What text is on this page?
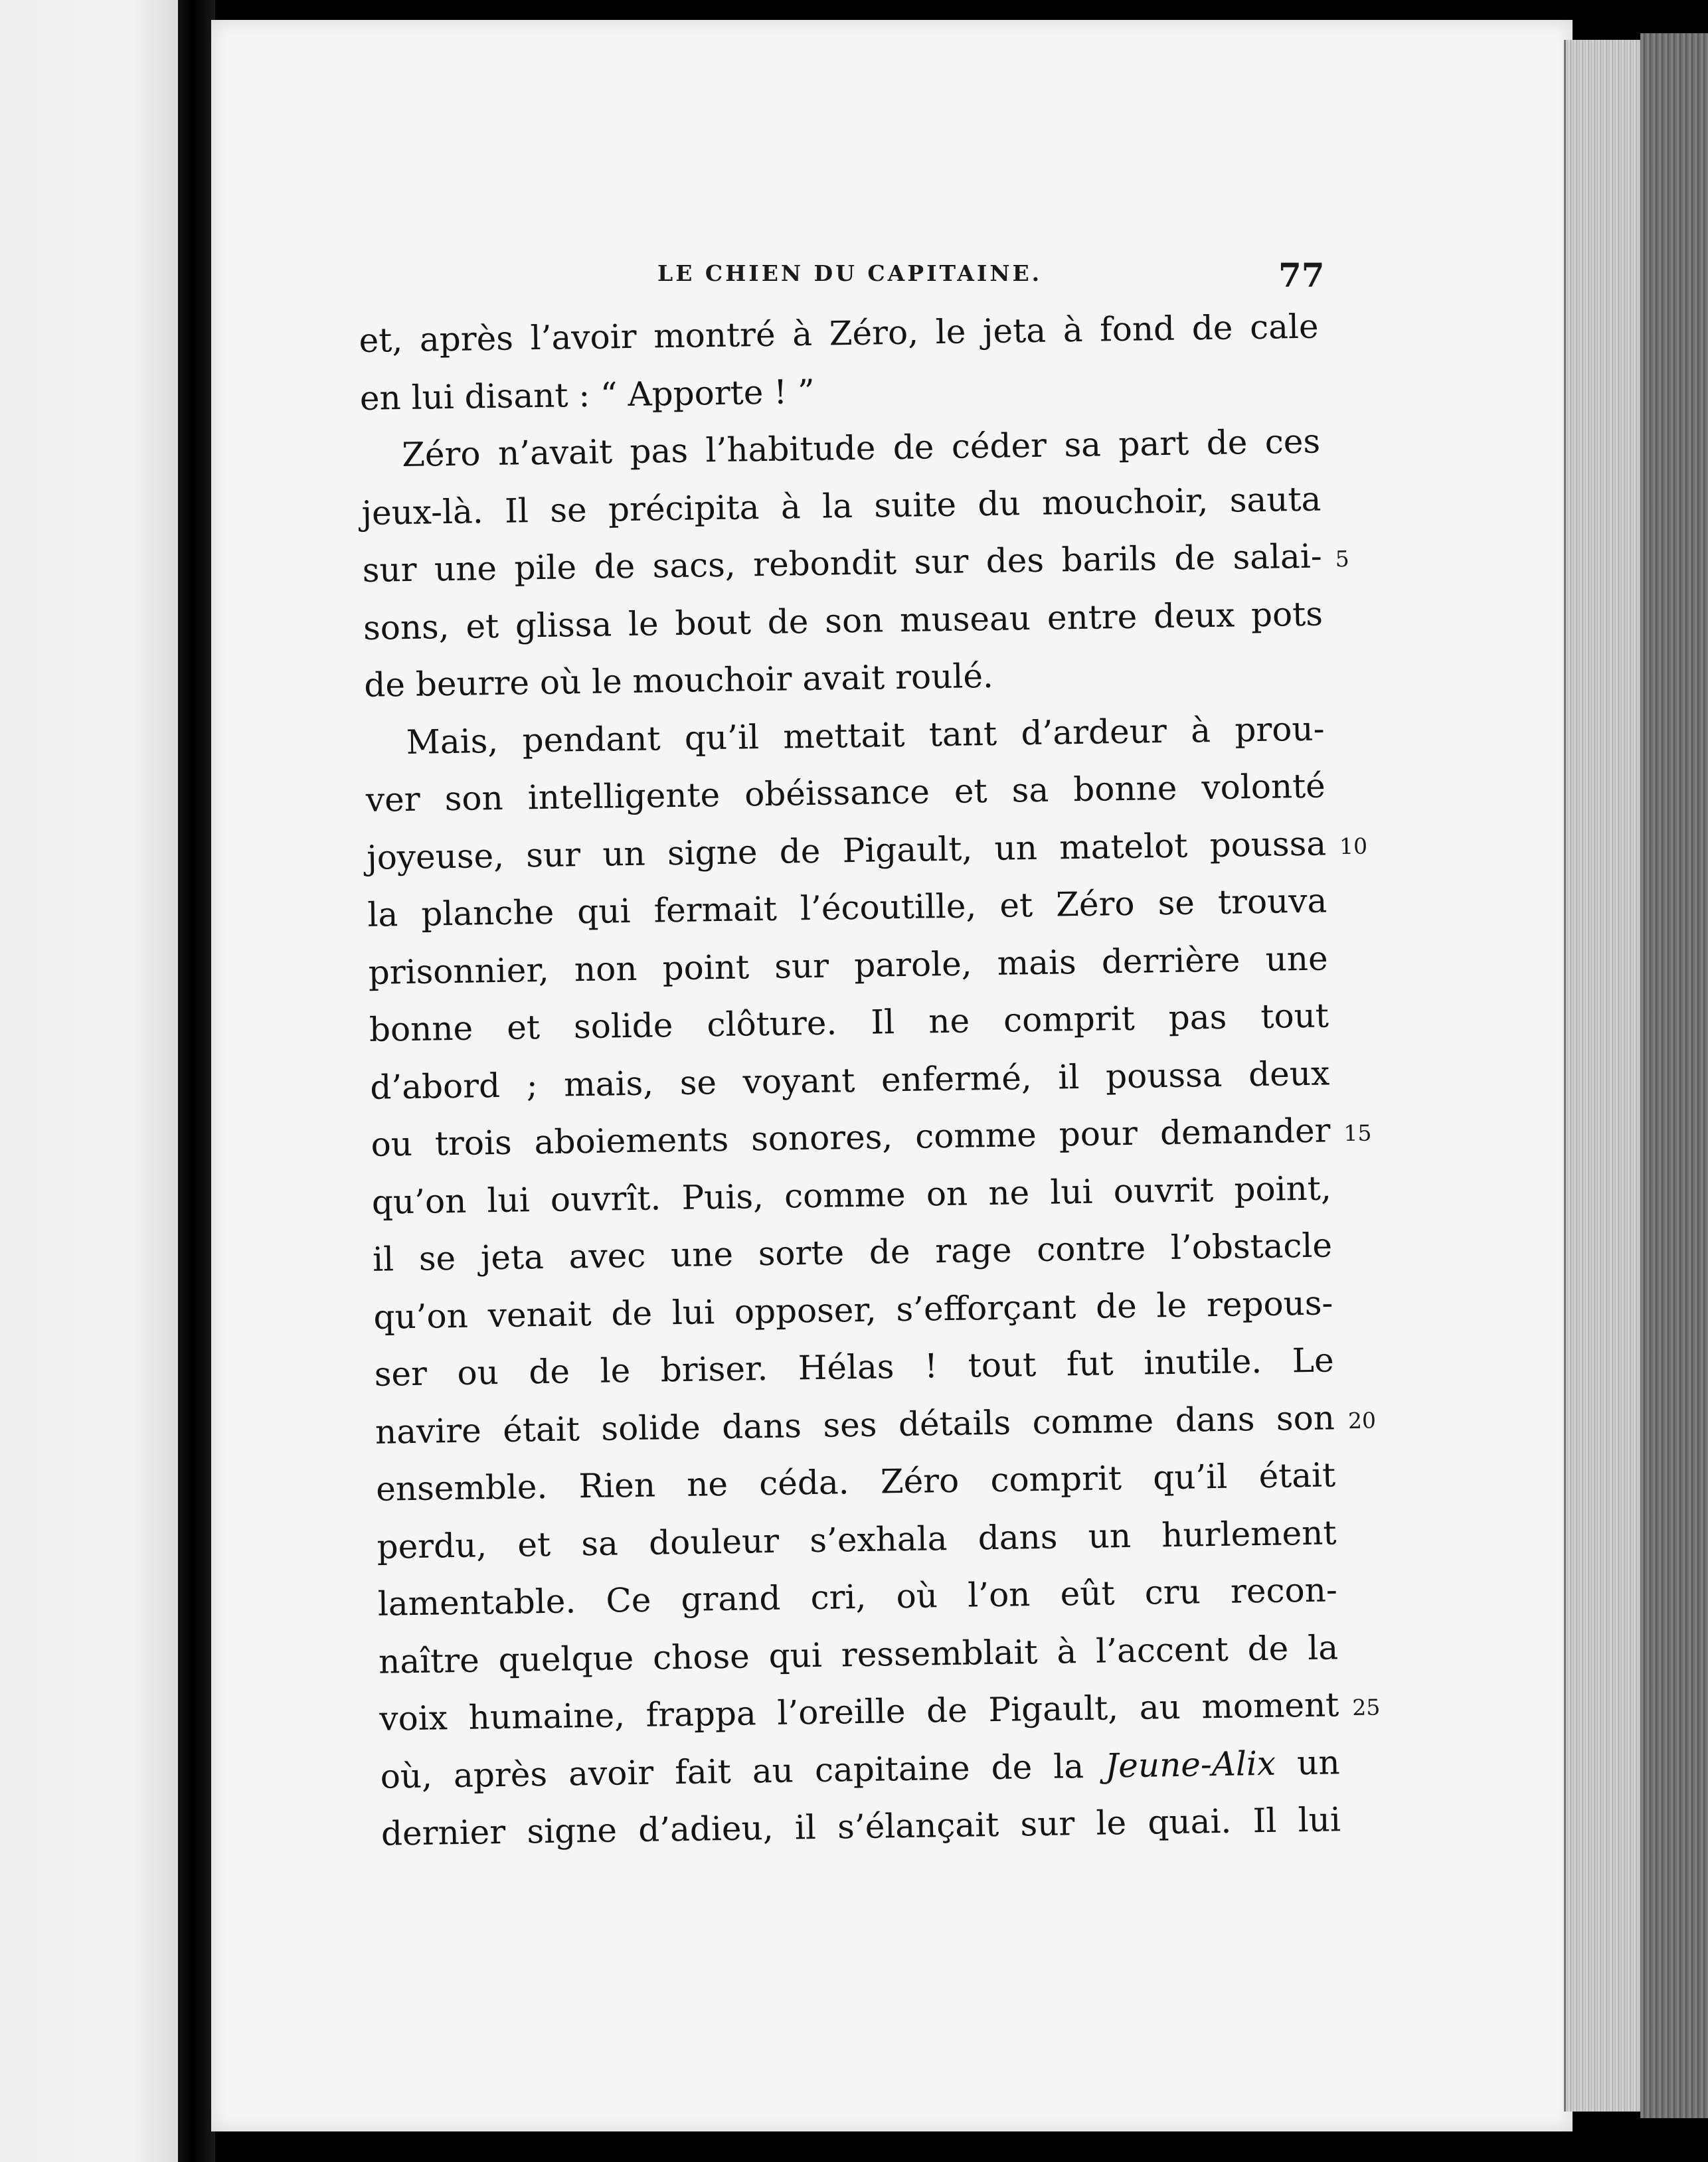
LE CHIEN DU CAPITAINE.	77
et, après l’avoir montré à Zéro, le jeta à fond de cale
en lui disant : “ Apporte ! ”
Zéro n’avait pas l’habitude de céder sa part de ces
jeux-là. Il se précipita à la suite du mouchoir, sauta
sur une pile de sacs, rebondit sur des barils de salai- 5
sons, et glissa le bout de son museau entre deux pots
de beurre où le mouchoir avait roulé.
Mais, pendant qu’il mettait tant d’ardeur à prou-
ver son intelligente obéissance et sa bonne volonté
joyeuse, sur un signe de Pigault, un matelot poussa 10
la planche qui fermait l’écoutille, et Zéro se trouva
prisonnier, non point sur parole, mais derrière une
bonne et solide clôture. Il ne comprit pas tout
d’abord ; mais, se voyant enfermé, il poussa deux
ou trois aboiements sonores, comme pour demander 15
qu’on lui ouvrît. Puis, comme on ne lui ouvrit point,
il se jeta avec une sorte de rage contre l’obstacle
qu’on venait de lui opposer, s’efforçant de le repous-
ser ou de le briser. Hélas ! tout fut inutile. Le
navire était solide dans ses détails comme dans son 20
ensemble. Rien ne céda. Zéro comprit qu’il était
perdu, et sa douleur s’exhala dans un hurlement
lamentable. Ce grand cri, où l’on eût cru recon-
naître quelque chose qui ressemblait à l’accent de la
voix humaine, frappa l’oreille de Pigault, au moment 25
où, après avoir fait au capitaine de la Jeune-Alix un
dernier signe d’adieu, il s’élançait sur le quai. Il lui
